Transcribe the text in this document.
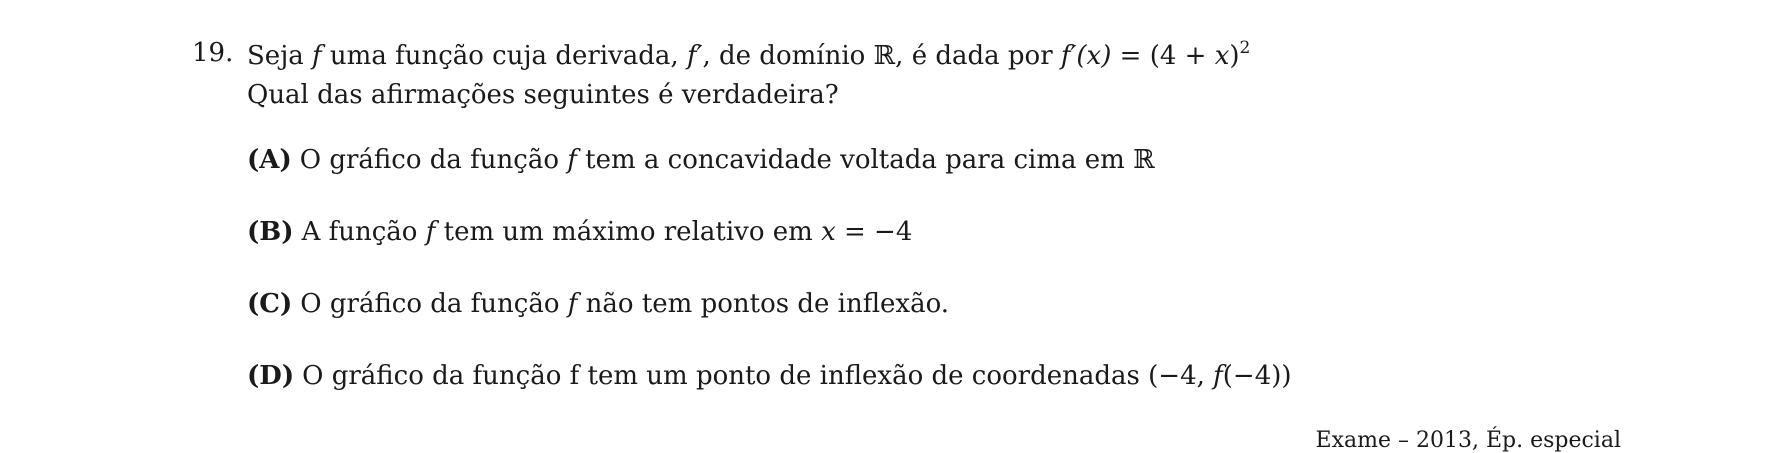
19. Seja f uma função cuja derivada, f′, de domínio ℝ, é dada por $f'(x) = (4 + x)^2$
Qual das afirmações seguintes é verdadeira?
(A) O gráfico da função f tem a concavidade voltada para cima em ℝ
(B) A função f tem um máximo relativo em x = −4
(C) O gráfico da função f não tem pontos de inflexão.
(D) O gráfico da função f tem um ponto de inflexão de coordenadas (−4, f(−4))
Exame – 2013, Ép. especial
